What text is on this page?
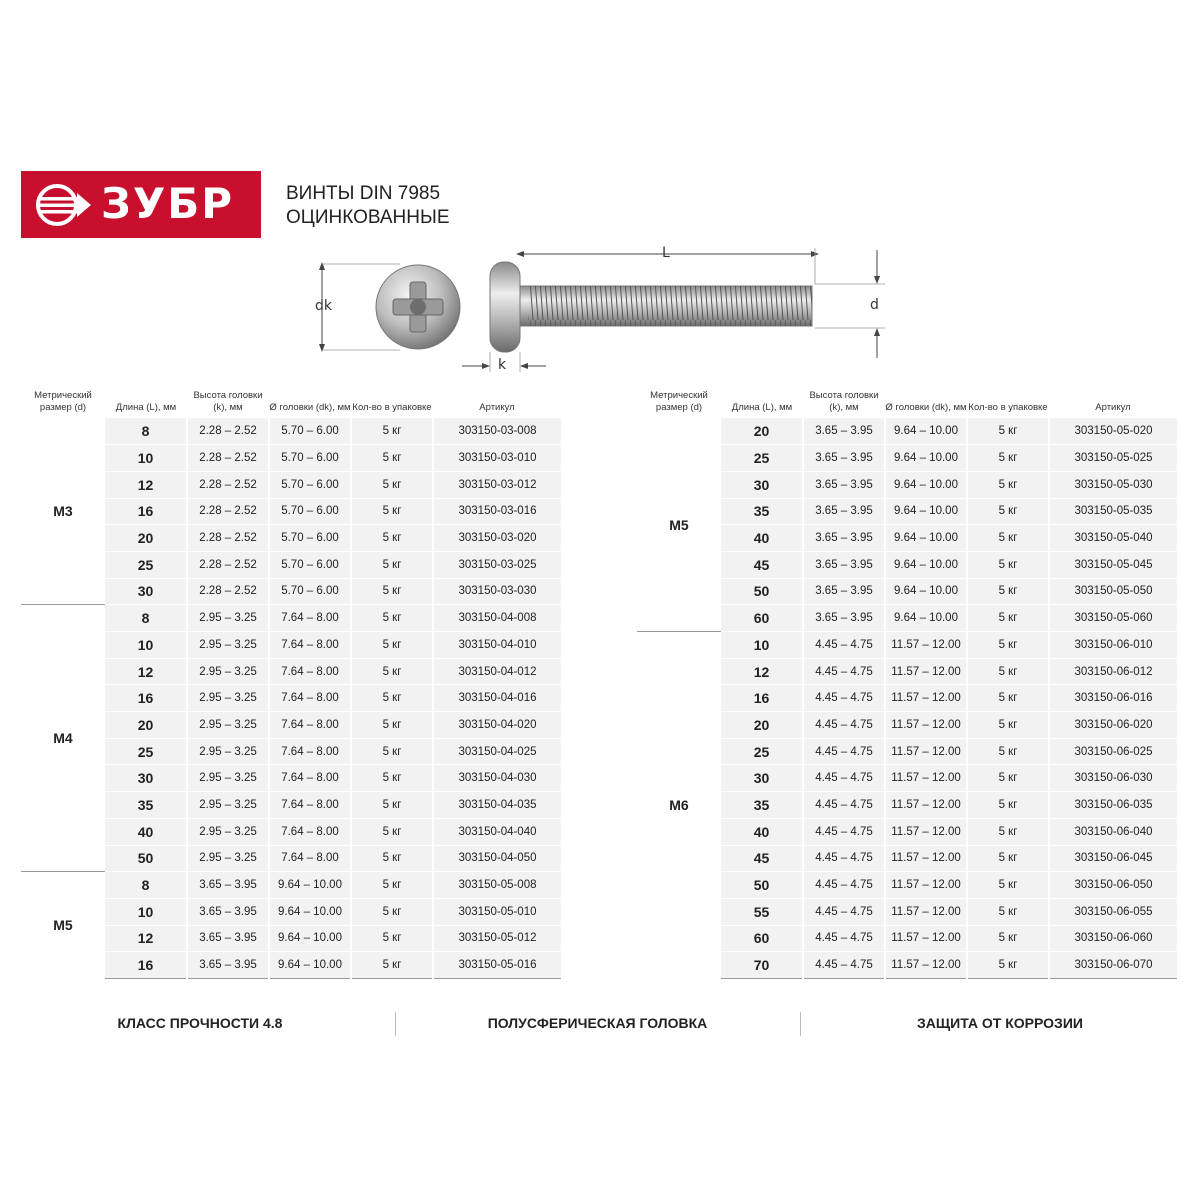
ЗУБР	ВИНТЫ DIN 7985
ОЦИНКОВАННЫЕ
dk
L
d
k
Метрический размер (d)	Длина (L), мм	Высота головки (k), мм	Ø головки (dk), мм	Кол-во в упаковке	Артикул
M3	8	2.28 – 2.52	5.70 – 6.00	5 кг	303150-03-008
	10	2.28 – 2.52	5.70 – 6.00	5 кг	303150-03-010
	12	2.28 – 2.52	5.70 – 6.00	5 кг	303150-03-012
	16	2.28 – 2.52	5.70 – 6.00	5 кг	303150-03-016
	20	2.28 – 2.52	5.70 – 6.00	5 кг	303150-03-020
	25	2.28 – 2.52	5.70 – 6.00	5 кг	303150-03-025
	30	2.28 – 2.52	5.70 – 6.00	5 кг	303150-03-030
M4	8	2.95 – 3.25	7.64 – 8.00	5 кг	303150-04-008
	10	2.95 – 3.25	7.64 – 8.00	5 кг	303150-04-010
	12	2.95 – 3.25	7.64 – 8.00	5 кг	303150-04-012
	16	2.95 – 3.25	7.64 – 8.00	5 кг	303150-04-016
	20	2.95 – 3.25	7.64 – 8.00	5 кг	303150-04-020
	25	2.95 – 3.25	7.64 – 8.00	5 кг	303150-04-025
	30	2.95 – 3.25	7.64 – 8.00	5 кг	303150-04-030
	35	2.95 – 3.25	7.64 – 8.00	5 кг	303150-04-035
	40	2.95 – 3.25	7.64 – 8.00	5 кг	303150-04-040
	50	2.95 – 3.25	7.64 – 8.00	5 кг	303150-04-050
M5	8	3.65 – 3.95	9.64 – 10.00	5 кг	303150-05-008
	10	3.65 – 3.95	9.64 – 10.00	5 кг	303150-05-010
	12	3.65 – 3.95	9.64 – 10.00	5 кг	303150-05-012
	16	3.65 – 3.95	9.64 – 10.00	5 кг	303150-05-016
Метрический размер (d)	Длина (L), мм	Высота головки (k), мм	Ø головки (dk), мм	Кол-во в упаковке	Артикул
M5	20	3.65 – 3.95	9.64 – 10.00	5 кг	303150-05-020
	25	3.65 – 3.95	9.64 – 10.00	5 кг	303150-05-025
	30	3.65 – 3.95	9.64 – 10.00	5 кг	303150-05-030
	35	3.65 – 3.95	9.64 – 10.00	5 кг	303150-05-035
	40	3.65 – 3.95	9.64 – 10.00	5 кг	303150-05-040
	45	3.65 – 3.95	9.64 – 10.00	5 кг	303150-05-045
	50	3.65 – 3.95	9.64 – 10.00	5 кг	303150-05-050
	60	3.65 – 3.95	9.64 – 10.00	5 кг	303150-05-060
M6	10	4.45 – 4.75	11.57 – 12.00	5 кг	303150-06-010
	12	4.45 – 4.75	11.57 – 12.00	5 кг	303150-06-012
	16	4.45 – 4.75	11.57 – 12.00	5 кг	303150-06-016
	20	4.45 – 4.75	11.57 – 12.00	5 кг	303150-06-020
	25	4.45 – 4.75	11.57 – 12.00	5 кг	303150-06-025
	30	4.45 – 4.75	11.57 – 12.00	5 кг	303150-06-030
	35	4.45 – 4.75	11.57 – 12.00	5 кг	303150-06-035
	40	4.45 – 4.75	11.57 – 12.00	5 кг	303150-06-040
	45	4.45 – 4.75	11.57 – 12.00	5 кг	303150-06-045
	50	4.45 – 4.75	11.57 – 12.00	5 кг	303150-06-050
	55	4.45 – 4.75	11.57 – 12.00	5 кг	303150-06-055
	60	4.45 – 4.75	11.57 – 12.00	5 кг	303150-06-060
	70	4.45 – 4.75	11.57 – 12.00	5 кг	303150-06-070
КЛАСС ПРОЧНОСТИ 4.8	ПОЛУСФЕРИЧЕСКАЯ ГОЛОВКА	ЗАЩИТА ОТ КОРРОЗИИ
